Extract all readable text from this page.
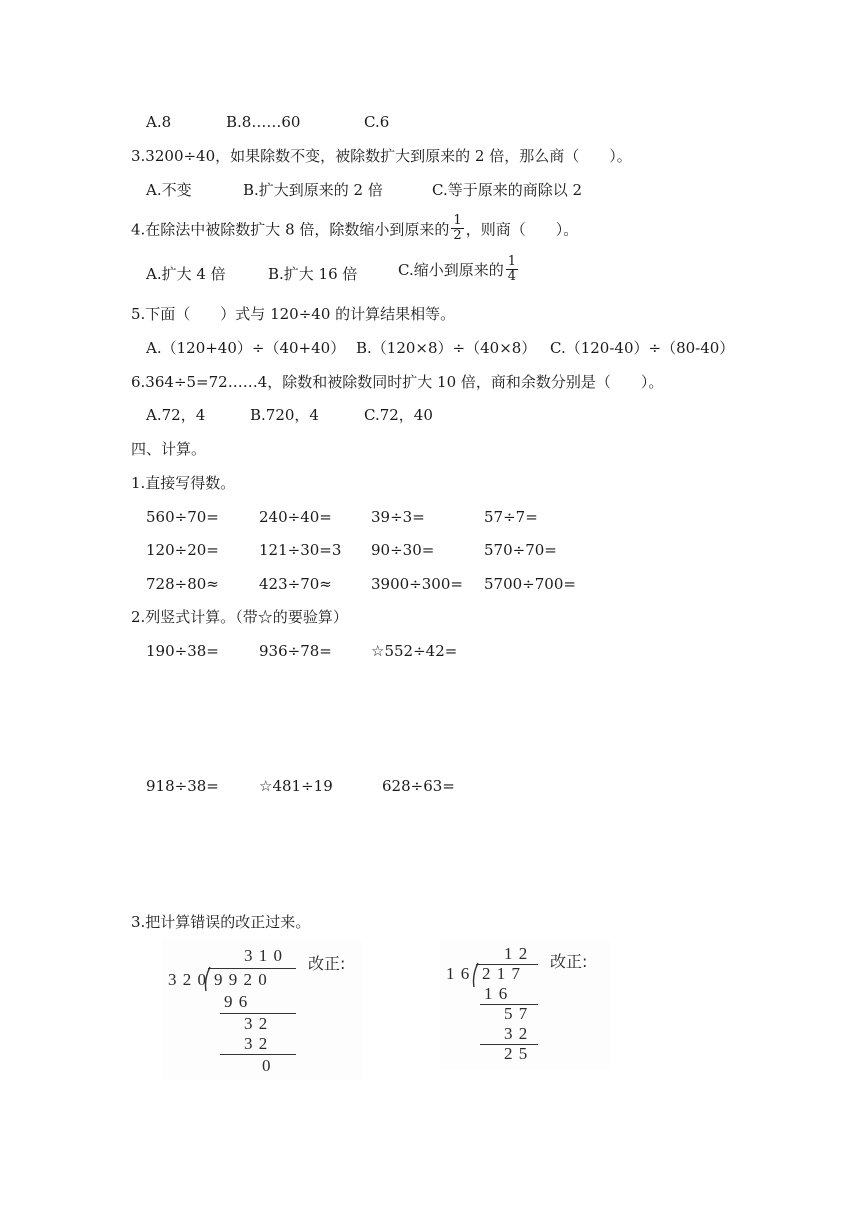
A.8	B.8……60	C.6
3.3200÷40，如果除数不变，被除数扩大到原来的 2 倍，那么商（　　）。
A.不变	B.扩大到原来的 2 倍	C.等于原来的商除以 2
4.在除法中被除数扩大 8 倍，除数缩小到原来的 $\frac{1}{2}$ ，则商（　　）。
A.扩大 4 倍	B.扩大 16 倍	C.缩小到原来的 $\frac{1}{4}$
5.下面（　　）式与 120÷40 的计算结果相等。
A.（120+40）÷（40+40） B.（120×8）÷（40×8） C.（120-40）÷（80-40）
6.364÷5=72……4，除数和被除数同时扩大 10 倍，商和余数分别是（　　）。
A.72，4	B.720，4	C.72，40
四、计算。
1.直接写得数。
560÷70=	240÷40=	39÷3=	57÷7=
120÷20=	121÷30=3 90÷30=	570÷70=
728÷80≈	423÷70≈	3900÷300= 5700÷700=
2.列竖式计算。（带☆的要验算）
190÷38=	936÷78=	☆552÷42=
918÷38=	☆481÷19	628÷63=
3.把计算错误的改正过来。
3 1 0
3 2 0 9 9 2 0
9 6
3 2
3 2
0
改正:
1 2
1 6 2 1 7
1 6
5 7
3 2
2 5
改正:
